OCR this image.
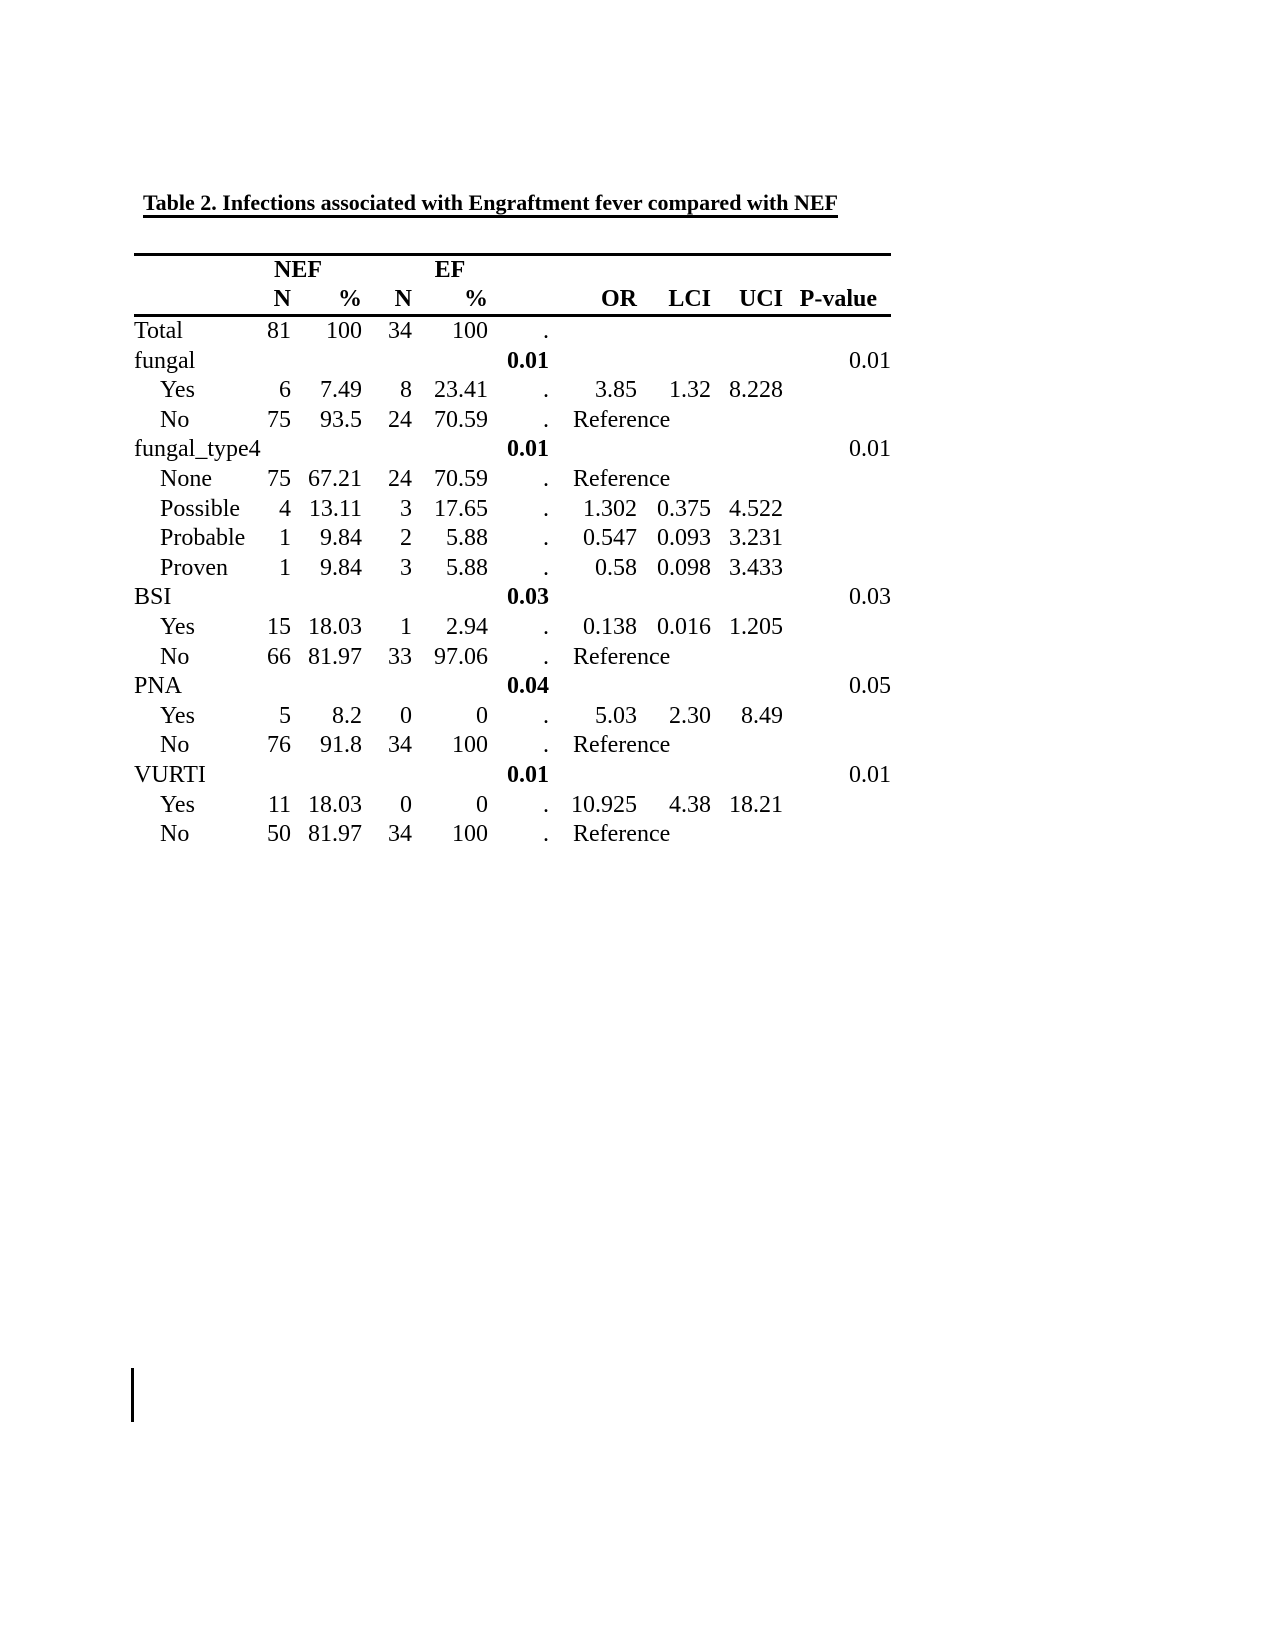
Table 2. Infections associated with Engraftment fever compared with NEF
	NEF			EF					
	N	%	N	%		OR	LCI	UCI	P-value
Total	81	100	34	100	.				
fungal					0.01				0.01
Yes	6	7.49	8	23.41	.	3.85	1.32	8.228	
No	75	93.5	24	70.59	.	Reference			
fungal_type4					0.01				0.01
None	75	67.21	24	70.59	.	Reference			
Possible	4	13.11	3	17.65	.	1.302	0.375	4.522	
Probable	1	9.84	2	5.88	.	0.547	0.093	3.231	
Proven	1	9.84	3	5.88	.	0.58	0.098	3.433	
BSI					0.03				0.03
Yes	15	18.03	1	2.94	.	0.138	0.016	1.205	
No	66	81.97	33	97.06	.	Reference			
PNA					0.04				0.05
Yes	5	8.2	0	0	.	5.03	2.30	8.49	
No	76	91.8	34	100	.	Reference			
VURTI					0.01				0.01
Yes	11	18.03	0	0	.	10.925	4.38	18.21	
No	50	81.97	34	100	.	Reference			
